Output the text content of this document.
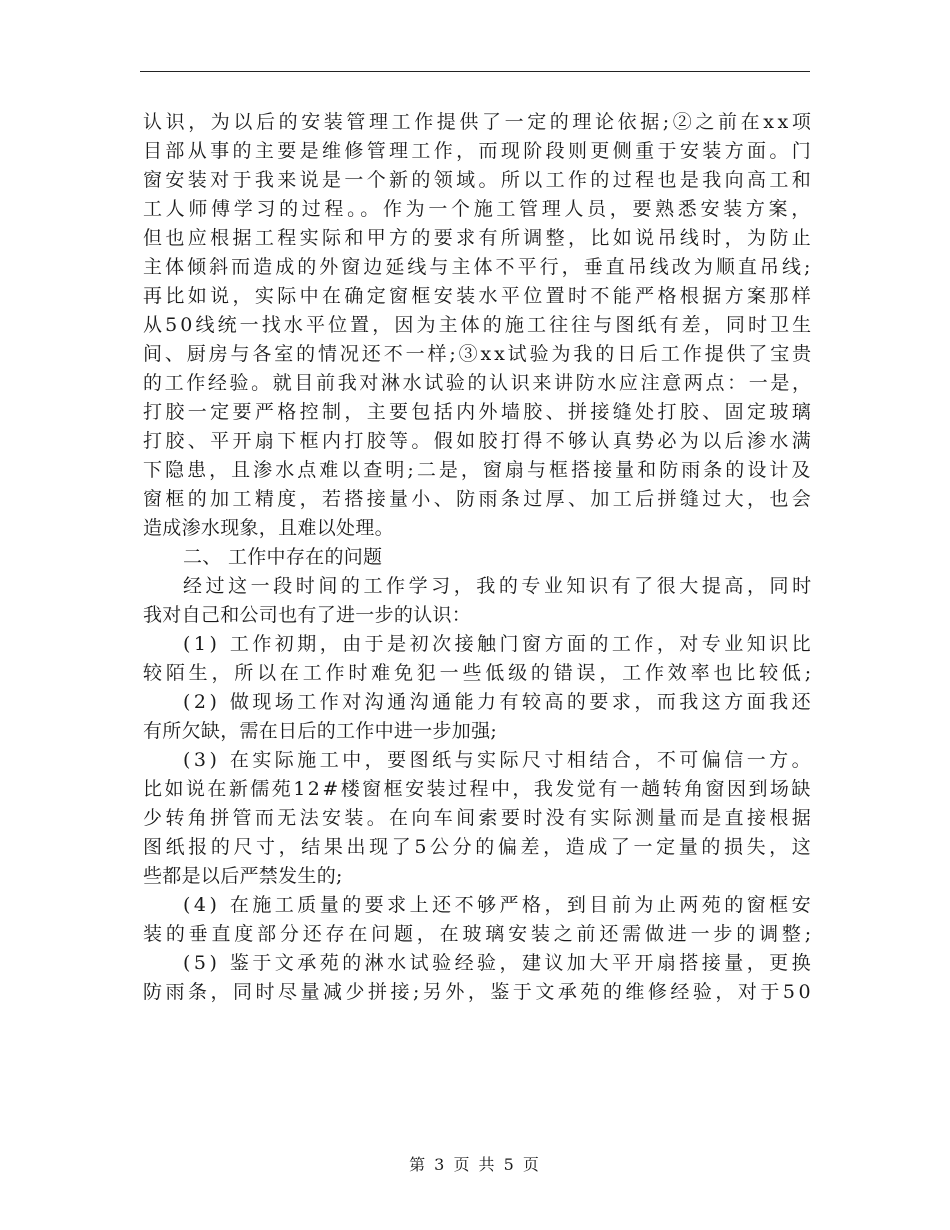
认识，为以后的安装管理工作提供了一定的理论依据;②之前在xx项
目部从事的主要是维修管理工作，而现阶段则更侧重于安装方面。门
窗安装对于我来说是一个新的领域。所以工作的过程也是我向高工和
工人师傅学习的过程。。作为一个施工管理人员，要熟悉安装方案，
但也应根据工程实际和甲方的要求有所调整，比如说吊线时，为防止
主体倾斜而造成的外窗边延线与主体不平行，垂直吊线改为顺直吊线;
再比如说，实际中在确定窗框安装水平位置时不能严格根据方案那样
从50线统一找水平位置，因为主体的施工往往与图纸有差，同时卫生
间、厨房与各室的情况还不一样;③xx试验为我的日后工作提供了宝贵
的工作经验。就目前我对淋水试验的认识来讲防水应注意两点：一是，
打胶一定要严格控制，主要包括内外墙胶、拼接缝处打胶、固定玻璃
打胶、平开扇下框内打胶等。假如胶打得不够认真势必为以后渗水满
下隐患，且渗水点难以查明;二是，窗扇与框搭接量和防雨条的设计及
窗框的加工精度，若搭接量小、防雨条过厚、加工后拼缝过大，也会
造成渗水现象，且难以处理。
二、 工作中存在的问题
经过这一段时间的工作学习，我的专业知识有了很大提高，同时
我对自己和公司也有了进一步的认识：
(1) 工作初期，由于是初次接触门窗方面的工作，对专业知识比
较陌生，所以在工作时难免犯一些低级的错误，工作效率也比较低;
(2) 做现场工作对沟通沟通能力有较高的要求，而我这方面我还
有所欠缺，需在日后的工作中进一步加强;
(3) 在实际施工中，要图纸与实际尺寸相结合，不可偏信一方。
比如说在新儒苑12#楼窗框安装过程中，我发觉有一趟转角窗因到场缺
少转角拼管而无法安装。在向车间索要时没有实际测量而是直接根据
图纸报的尺寸，结果出现了5公分的偏差，造成了一定量的损失，这
些都是以后严禁发生的;
(4) 在施工质量的要求上还不够严格，到目前为止两苑的窗框安
装的垂直度部分还存在问题，在玻璃安装之前还需做进一步的调整;
(5) 鉴于文承苑的淋水试验经验，建议加大平开扇搭接量，更换
防雨条，同时尽量减少拼接;另外，鉴于文承苑的维修经验，对于50
第 3 页 共 5 页
